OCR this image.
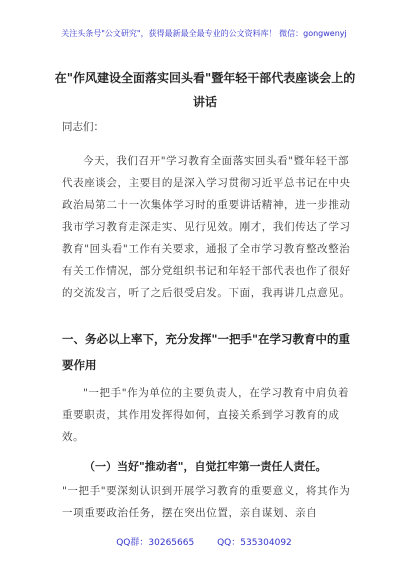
关注头条号"公文研究"，获得最新最全最专业的公文资料库！ 微信：gongwenyj
在"作风建设全面落实回头看"暨年轻干部代表座谈会上的讲话
同志们：
今天，我们召开"学习教育全面落实回头看"暨年轻干部代表座谈会，主要目的是深入学习贯彻习近平总书记在中央政治局第二十一次集体学习时的重要讲话精神，进一步推动我市学习教育走深走实、见行见效。刚才，我们传达了学习教育"回头看"工作有关要求，通报了全市学习教育整改整治有关工作情况，部分党组织书记和年轻干部代表也作了很好的交流发言，听了之后很受启发。下面，我再讲几点意见。
一、务必以上率下，充分发挥"一把手"在学习教育中的重要作用
"一把手"作为单位的主要负责人，在学习教育中肩负着重要职责，其作用发挥得如何，直接关系到学习教育的成效。
（一）当好"推动者"，自觉扛牢第一责任人责任。
"一把手"要深刻认识到开展学习教育的重要意义，将其作为一项重要政治任务，摆在突出位置，亲自谋划、亲自
QQ群：30265665	QQ：535304092
